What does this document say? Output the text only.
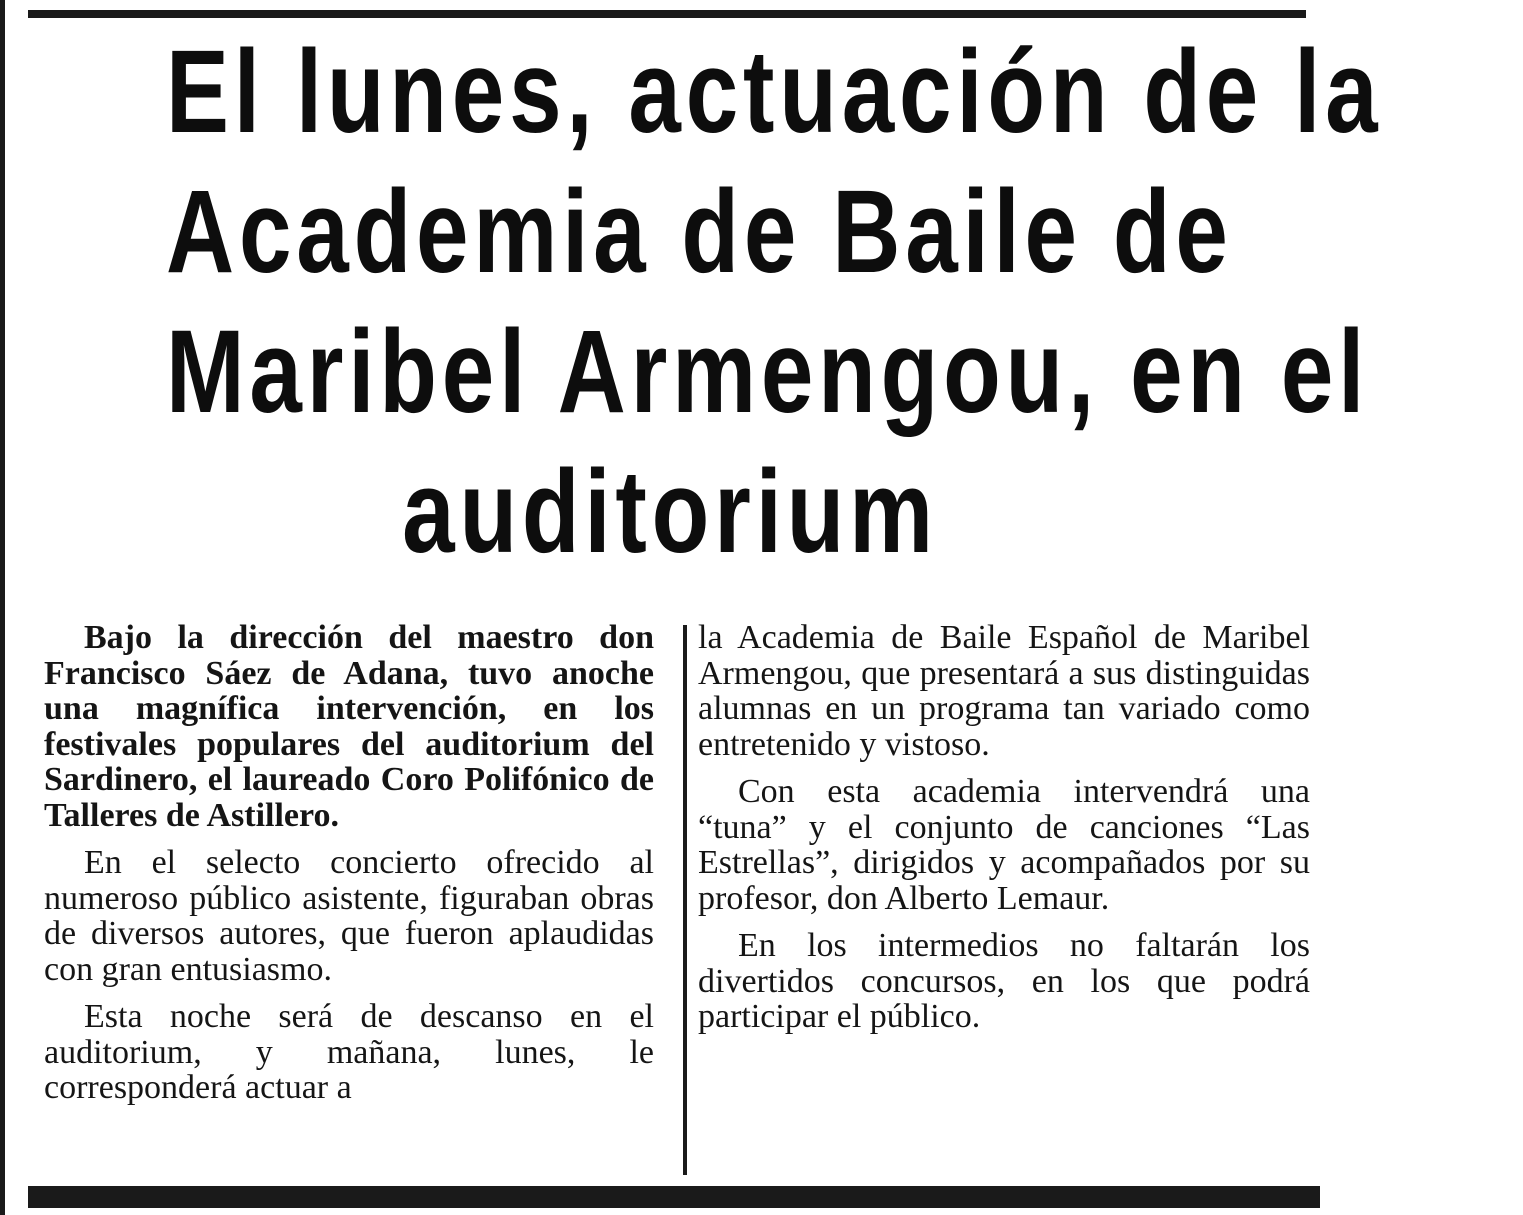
El lunes, actuación de la
Academia de Baile de
Maribel Armengou, en el
auditorium

Bajo la dirección del maestro don Francisco Sáez de Adana, tuvo anoche una magnífica intervención, en los festivales populares del auditorium del Sardinero, el laureado Coro Polifónico de Talleres de Astillero.

En el selecto concierto ofrecido al numeroso público asistente, figuraban obras de diversos autores, que fueron aplaudidas con gran entusiasmo.

Esta noche será de descanso en el auditorium, y mañana, lunes, le corresponderá actuar a

la Academia de Baile Español de Maribel Armengou, que presentará a sus distinguidas alumnas en un programa tan variado como entretenido y vistoso.

Con esta academia intervendrá una “tuna” y el conjunto de canciones “Las Estrellas”, dirigidos y acompañados por su profesor, don Alberto Lemaur.

En los intermedios no faltarán los divertidos concursos, en los que podrá participar el público.
